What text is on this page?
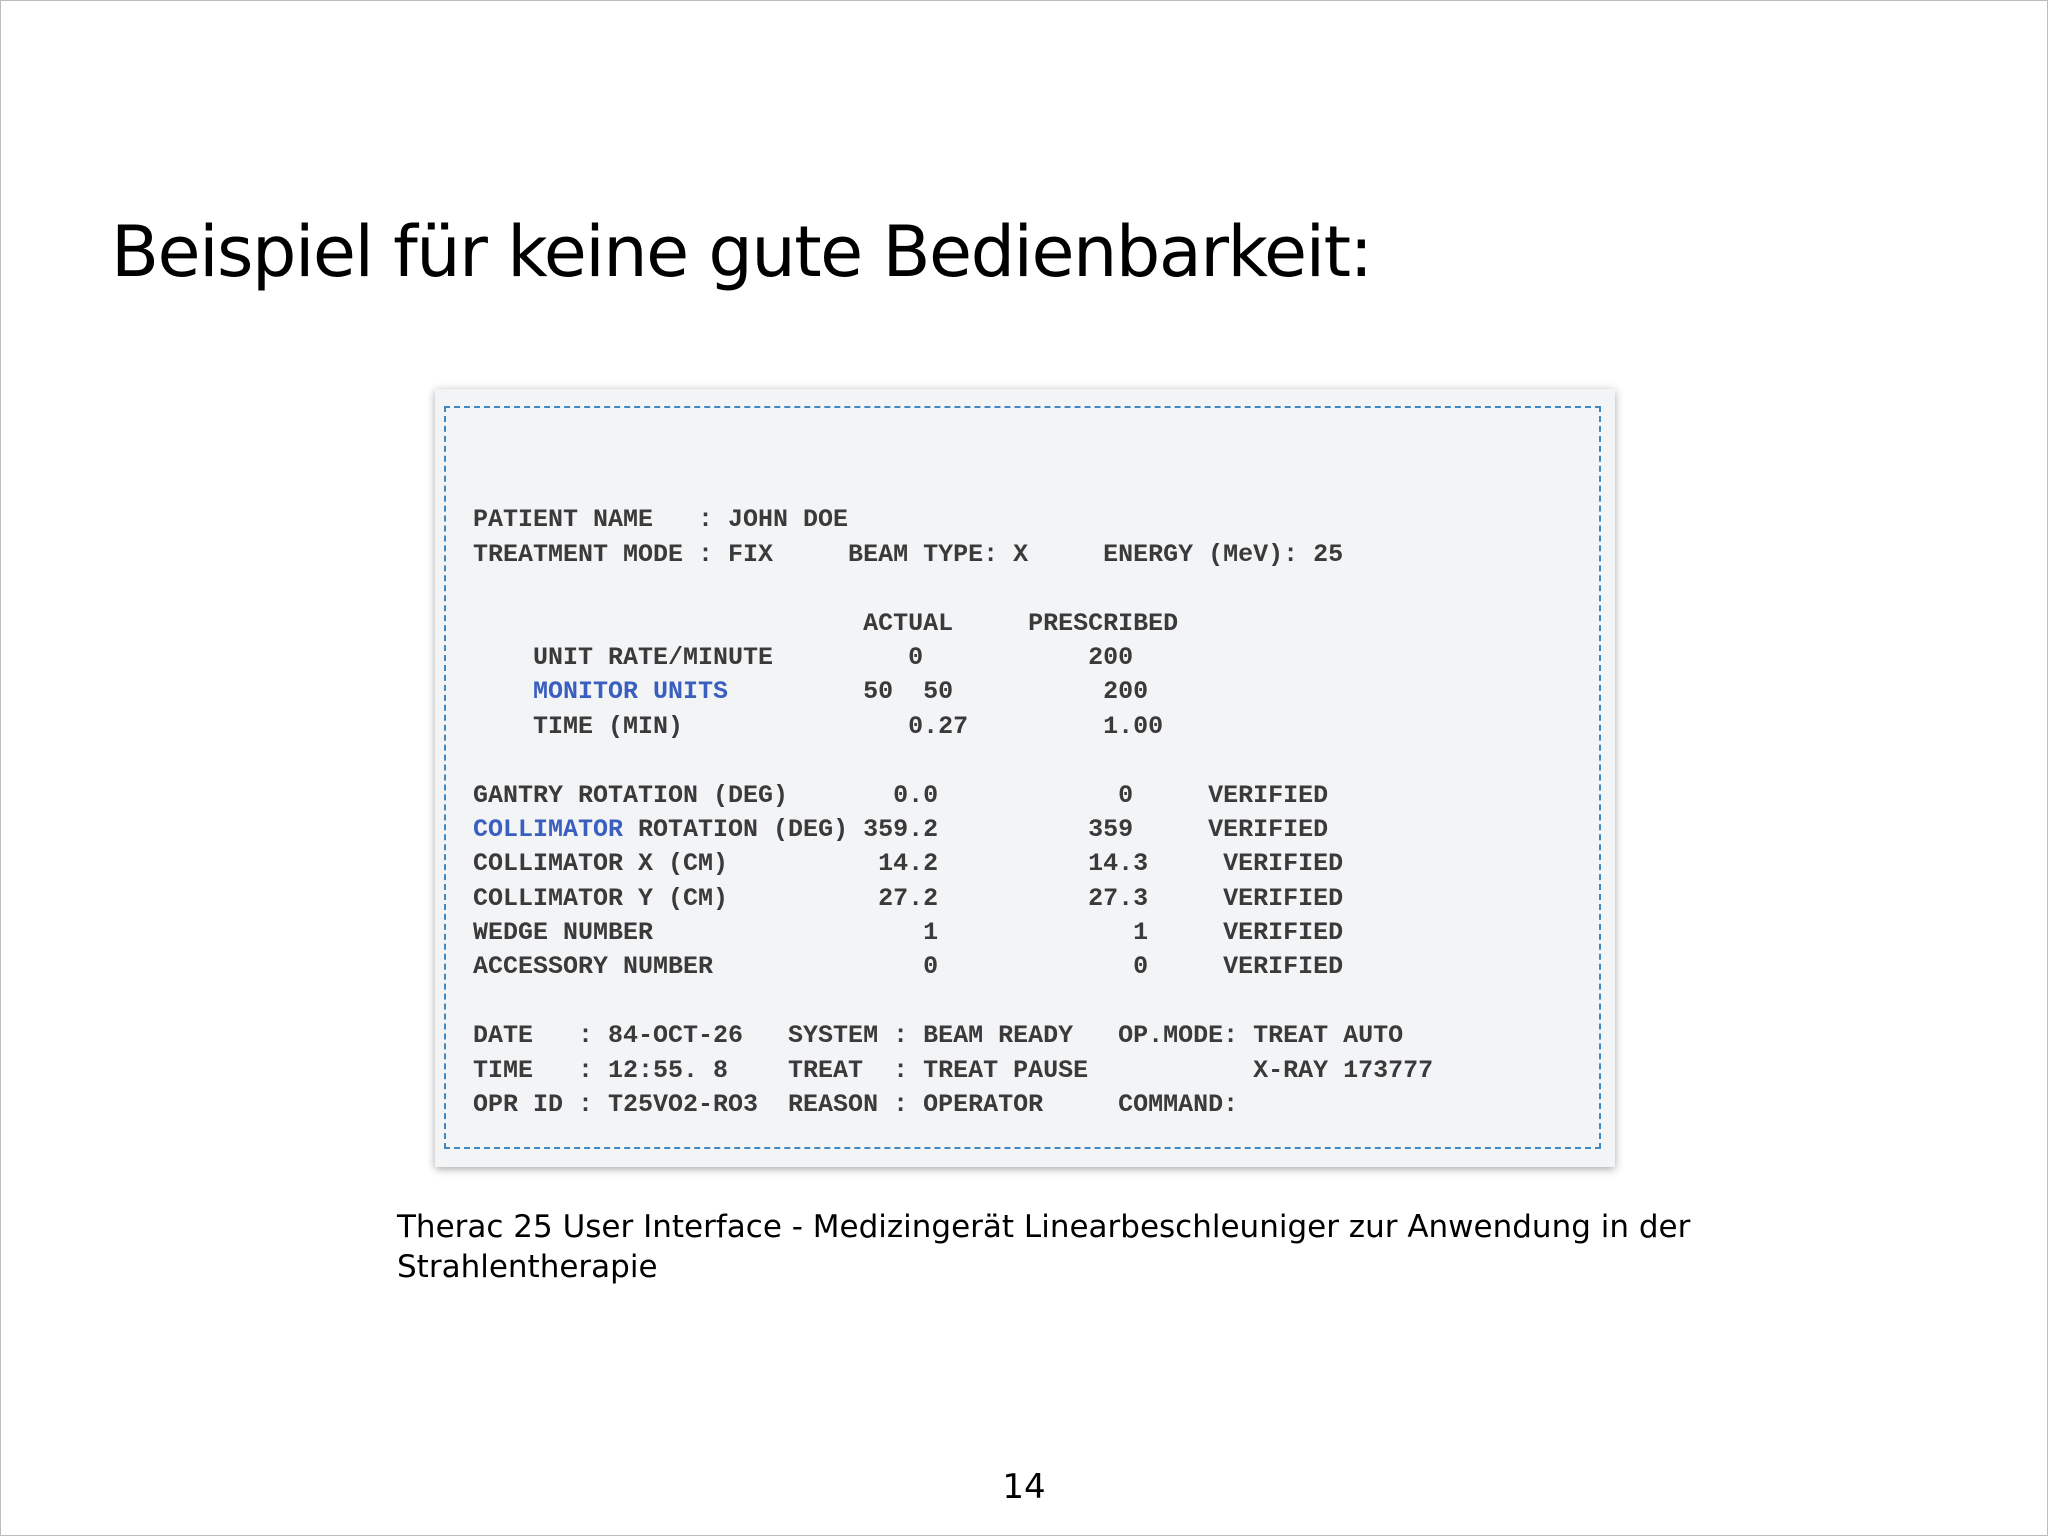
Beispiel für keine gute Bedienbarkeit:
PATIENT NAME   : JOHN DOE
TREATMENT MODE : FIX     BEAM TYPE: X     ENERGY (MeV): 25
ACTUAL     PRESCRIBED
UNIT RATE/MINUTE         0           200
MONITOR UNITS         50  50          200
TIME (MIN)               0.27         1.00
GANTRY ROTATION (DEG)       0.0            0     VERIFIED
COLLIMATOR ROTATION (DEG) 359.2          359     VERIFIED
COLLIMATOR X (CM)          14.2          14.3     VERIFIED
COLLIMATOR Y (CM)          27.2          27.3     VERIFIED
WEDGE NUMBER                  1             1     VERIFIED
ACCESSORY NUMBER              0             0     VERIFIED
DATE   : 84-OCT-26   SYSTEM : BEAM READY   OP.MODE: TREAT AUTO
TIME   : 12:55. 8    TREAT  : TREAT PAUSE           X-RAY 173777
OPR ID : T25VO2-RO3  REASON : OPERATOR     COMMAND:
Therac 25 User Interface - Medizingerät Linearbeschleuniger zur Anwendung in der Strahlentherapie
14
